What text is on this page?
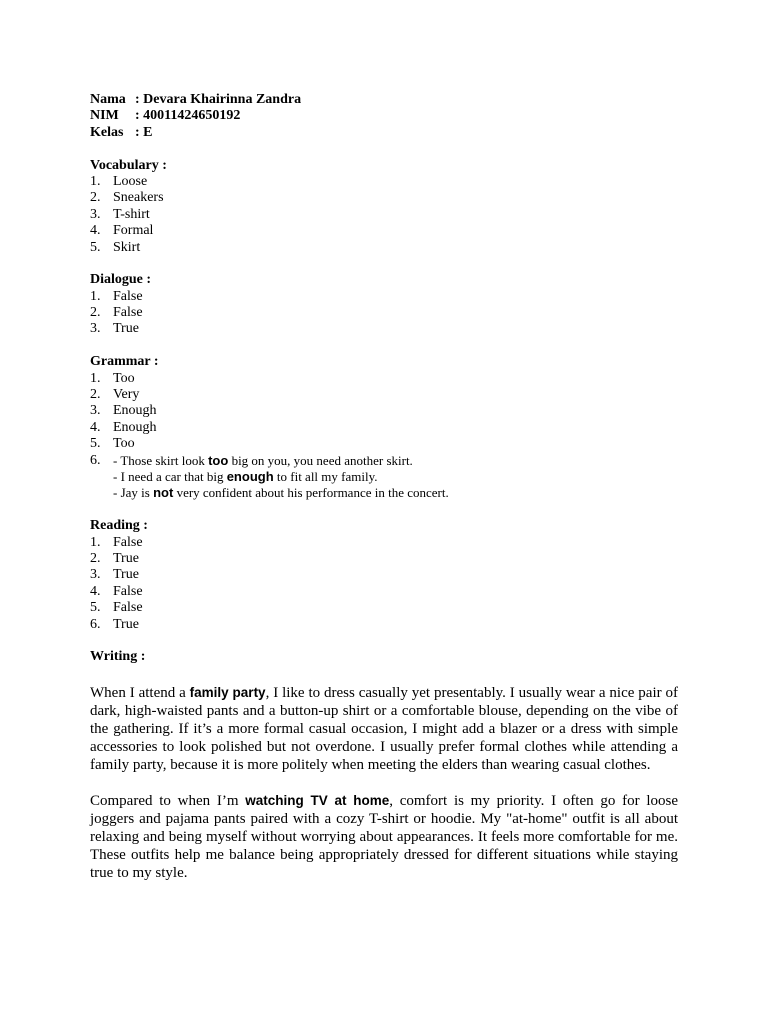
Nama : Devara Khairinna Zandra
NIM	: 40011424650192
Kelas : E
Vocabulary :
1. Loose
2. Sneakers
3. T-shirt
4. Formal
5. Skirt
Dialogue :
1. False
2. False
3. True
Grammar :
1. Too
2. Very
3. Enough
4. Enough
5. Too
6. - Those skirt look too big on you, you need another skirt.
- I need a car that big enough to fit all my family.
- Jay is not very confident about his performance in the concert.
Reading :
1. False
2. True
3. True
4. False
5. False
6. True
Writing :

When I attend a family party, I like to dress casually yet presentably. I usually wear a nice pair of dark, high-waisted pants and a button-up shirt or a comfortable blouse, depending on the vibe of the gathering. If it’s a more formal casual occasion, I might add a blazer or a dress with simple accessories to look polished but not overdone. I usually prefer formal clothes while attending a family party, because it is more politely when meeting the elders than wearing casual clothes.

Compared to when I’m watching TV at home, comfort is my priority. I often go for loose joggers and pajama pants paired with a cozy T-shirt or hoodie. My "at-home" outfit is all about relaxing and being myself without worrying about appearances. It feels more comfortable for me. These outfits help me balance being appropriately dressed for different situations while staying true to my style.
